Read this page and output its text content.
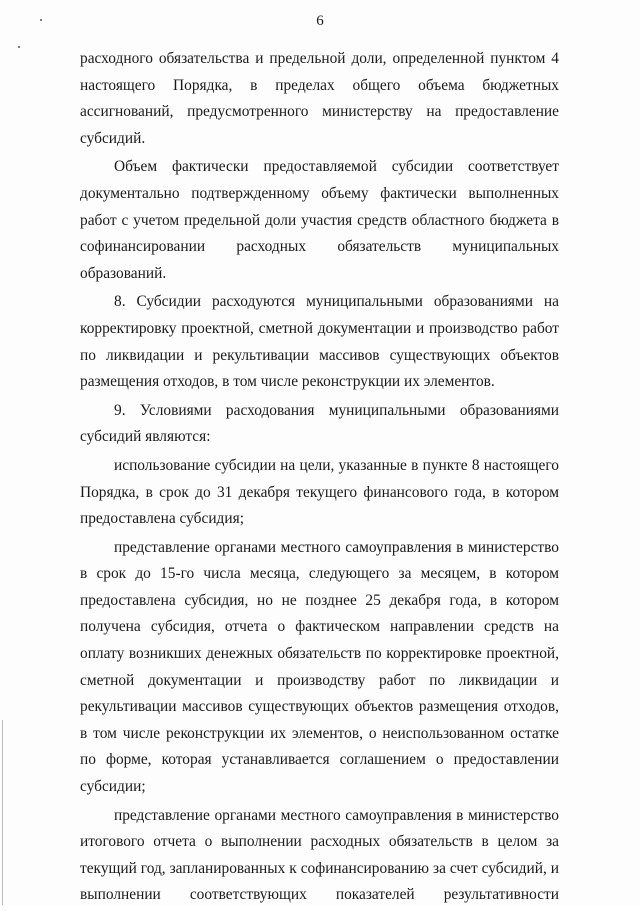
6

расходного обязательства и предельной доли, определенной пунктом 4 настоящего Порядка, в пределах общего объема бюджетных ассигнований, предусмотренного министерству на предоставление субсидий.

Объем фактически предоставляемой субсидии соответствует документально подтвержденному объему фактически выполненных работ с учетом предельной доли участия средств областного бюджета в софинансировании расходных обязательств муниципальных образований.

8. Субсидии расходуются муниципальными образованиями на корректировку проектной, сметной документации и производство работ по ликвидации и рекультивации массивов существующих объектов размещения отходов, в том числе реконструкции их элементов.

9. Условиями расходования муниципальными образованиями субсидий являются:

использование субсидии на цели, указанные в пункте 8 настоящего Порядка, в срок до 31 декабря текущего финансового года, в котором предоставлена субсидия;

представление органами местного самоуправления в министерство в срок до 15-го числа месяца, следующего за месяцем, в котором предоставлена субсидия, но не позднее 25 декабря года, в котором получена субсидия, отчета о фактическом направлении средств на оплату возникших денежных обязательств по корректировке проектной, сметной документации и производству работ по ликвидации и рекультивации массивов существующих объектов размещения отходов, в том числе реконструкции их элементов, о неиспользованном остатке по форме, которая устанавливается соглашением о предоставлении субсидии;

представление органами местного самоуправления в министерство итогового отчета о выполнении расходных обязательств в целом за текущий год, запланированных к софинансированию за счет субсидий, и выполнении соответствующих показателей результативности
